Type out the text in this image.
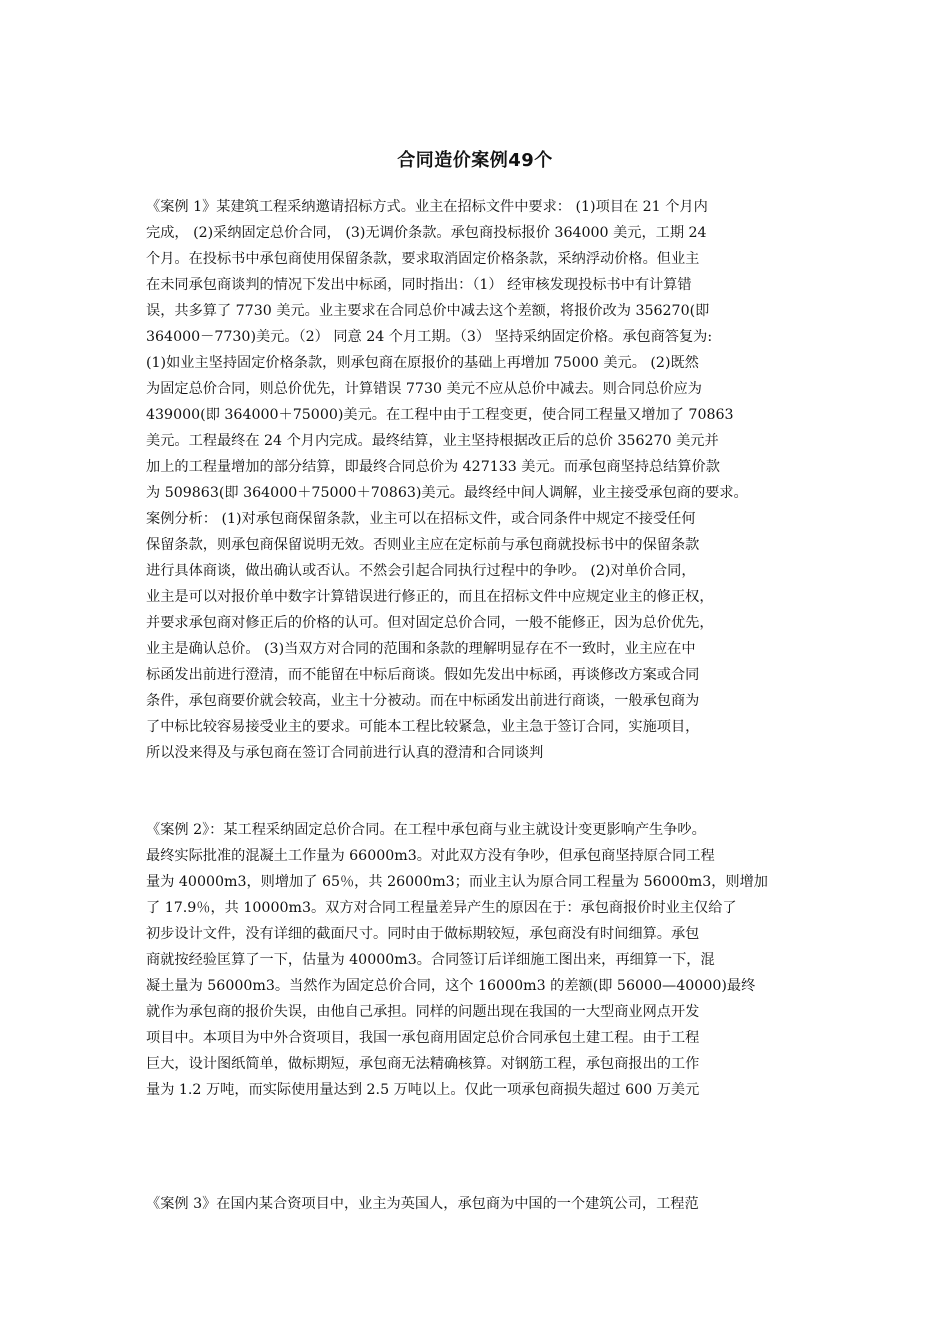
合同造价案例49个
《案例 1》某建筑工程采纳邀请招标方式。业主在招标文件中要求： (1)项目在 21 个月内
完成， (2)采纳固定总价合同， (3)无调价条款。承包商投标报价 364000 美元，工期 24
个月。在投标书中承包商使用保留条款，要求取消固定价格条款，采纳浮动价格。但业主
在未同承包商谈判的情况下发出中标函，同时指出：（1） 经审核发现投标书中有计算错
误，共多算了 7730 美元。业主要求在合同总价中减去这个差额，将报价改为 356270(即
364000－7730)美元。（2） 同意 24 个月工期。（3） 坚持采纳固定价格。承包商答复为:
(1)如业主坚持固定价格条款，则承包商在原报价的基础上再增加 75000 美元。 (2)既然
为固定总价合同，则总价优先，计算错误 7730 美元不应从总价中减去。则合同总价应为
439000(即 364000＋75000)美元。在工程中由于工程变更，使合同工程量又增加了 70863
美元。工程最终在 24 个月内完成。最终结算，业主坚持根据改正后的总价 356270 美元并
加上的工程量增加的部分结算，即最终合同总价为 427133 美元。而承包商坚持总结算价款
为 509863(即 364000＋75000＋70863)美元。最终经中间人调解，业主接受承包商的要求。
案例分析： (1)对承包商保留条款，业主可以在招标文件，或合同条件中规定不接受任何
保留条款，则承包商保留说明无效。否则业主应在定标前与承包商就投标书中的保留条款
进行具体商谈，做出确认或否认。不然会引起合同执行过程中的争吵。 (2)对单价合同，
业主是可以对报价单中数字计算错误进行修正的，而且在招标文件中应规定业主的修正权，
并要求承包商对修正后的价格的认可。但对固定总价合同，一般不能修正，因为总价优先，
业主是确认总价。 (3)当双方对合同的范围和条款的理解明显存在不一致时，业主应在中
标函发出前进行澄清，而不能留在中标后商谈。假如先发出中标函，再谈修改方案或合同
条件，承包商要价就会较高，业主十分被动。而在中标函发出前进行商谈，一般承包商为
了中标比较容易接受业主的要求。可能本工程比较紧急，业主急于签订合同，实施项目，
所以没来得及与承包商在签订合同前进行认真的澄清和合同谈判
《案例 2》：某工程采纳固定总价合同。在工程中承包商与业主就设计变更影响产生争吵。
最终实际批准的混凝土工作量为 66000m3。对此双方没有争吵，但承包商坚持原合同工程
量为 40000m3，则增加了 65％，共 26000m3；而业主认为原合同工程量为 56000m3，则增加
了 17.9％，共 10000m3。双方对合同工程量差异产生的原因在于：承包商报价时业主仅给了
初步设计文件，没有详细的截面尺寸。同时由于做标期较短，承包商没有时间细算。承包
商就按经验匡算了一下，估量为 40000m3。合同签订后详细施工图出来，再细算一下，混
凝土量为 56000m3。当然作为固定总价合同，这个 16000m3 的差额(即 56000—40000)最终
就作为承包商的报价失误，由他自己承担。同样的问题出现在我国的一大型商业网点开发
项目中。本项目为中外合资项目，我国一承包商用固定总价合同承包土建工程。由于工程
巨大，设计图纸简单，做标期短，承包商无法精确核算。对钢筋工程，承包商报出的工作
量为 1.2 万吨，而实际使用量达到 2.5 万吨以上。仅此一项承包商损失超过 600 万美元
《案例 3》在国内某合资项目中，业主为英国人，承包商为中国的一个建筑公司，工程范
